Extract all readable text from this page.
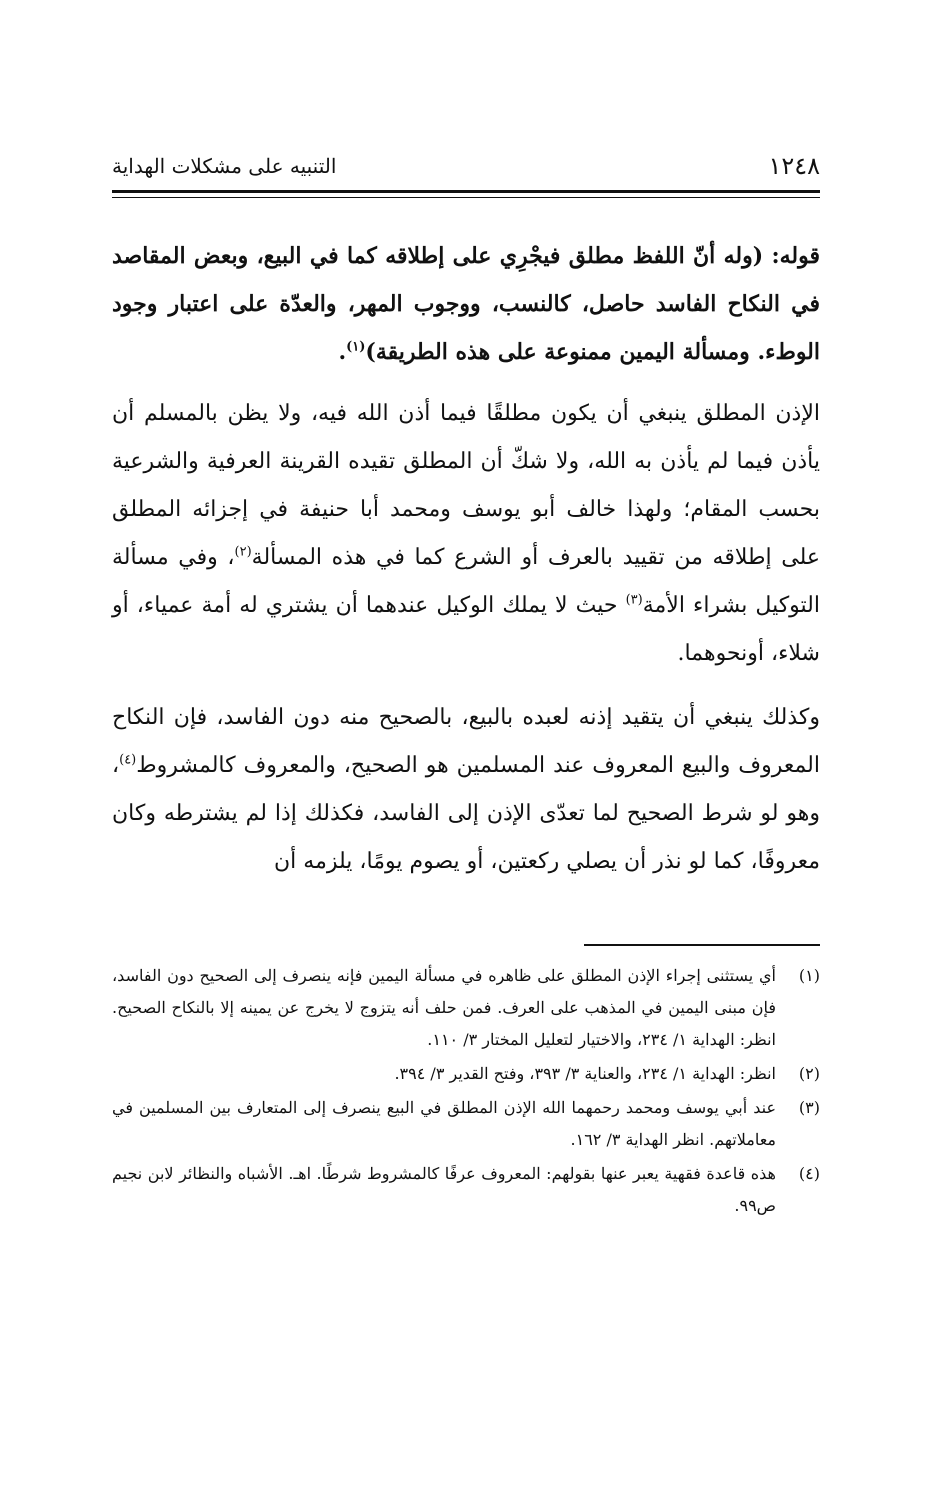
١٢٤٨
التنبيه على مشكلات الهداية

قوله: (وله أنّ اللفظ مطلق فيجْرِي على إطلاقه كما في البيع، وبعض المقاصد في النكاح الفاسد حاصل، كالنسب، ووجوب المهر، والعدّة على اعتبار وجود الوطء. ومسألة اليمين ممنوعة على هذه الطريقة)$^{(١)}$.

الإذن المطلق ينبغي أن يكون مطلقًا فيما أذن الله فيه، ولا يظن بالمسلم أن يأذن فيما لم يأذن به الله، ولا شكّ أن المطلق تقيده القرينة العرفية والشرعية بحسب المقام؛ ولهذا خالف أبو يوسف ومحمد أبا حنيفة في إجزائه المطلق على إطلاقه من تقييد بالعرف أو الشرع كما في هذه المسألة$^{(٢)}$، وفي مسألة التوكيل بشراء الأمة$^{(٣)}$ حيث لا يملك الوكيل عندهما أن يشتري له أمة عمياء، أو شلاء، أونحوهما.

وكذلك ينبغي أن يتقيد إذنه لعبده بالبيع، بالصحيح منه دون الفاسد، فإن النكاح المعروف والبيع المعروف عند المسلمين هو الصحيح، والمعروف كالمشروط$^{(٤)}$، وهو لو شرط الصحيح لما تعدّى الإذن إلى الفاسد، فكذلك إذا لم يشترطه وكان معروفًا، كما لو نذر أن يصلي ركعتين، أو يصوم يومًا، يلزمه أن

(١)
أي يستثنى إجراء الإذن المطلق على ظاهره في مسألة اليمين فإنه ينصرف إلى الصحيح دون الفاسد، فإن مبنى اليمين في المذهب على العرف. فمن حلف أنه يتزوج لا يخرج عن يمينه إلا بالنكاح الصحيح. انظر: الهداية ١/ ٢٣٤، والاختيار لتعليل المختار ٣/ ١١٠.
(٢)
انظر: الهداية ١/ ٢٣٤، والعناية ٣/ ٣٩٣، وفتح القدير ٣/ ٣٩٤.
(٣)
عند أبي يوسف ومحمد رحمهما الله الإذن المطلق في البيع ينصرف إلى المتعارف بين المسلمين في معاملاتهم. انظر الهداية ٣/ ١٦٢.
(٤)
هذه قاعدة فقهية يعبر عنها بقولهم: المعروف عرفًا كالمشروط شرطًا. اهـ. الأشباه والنظائر لابن نجيم ص٩٩.
